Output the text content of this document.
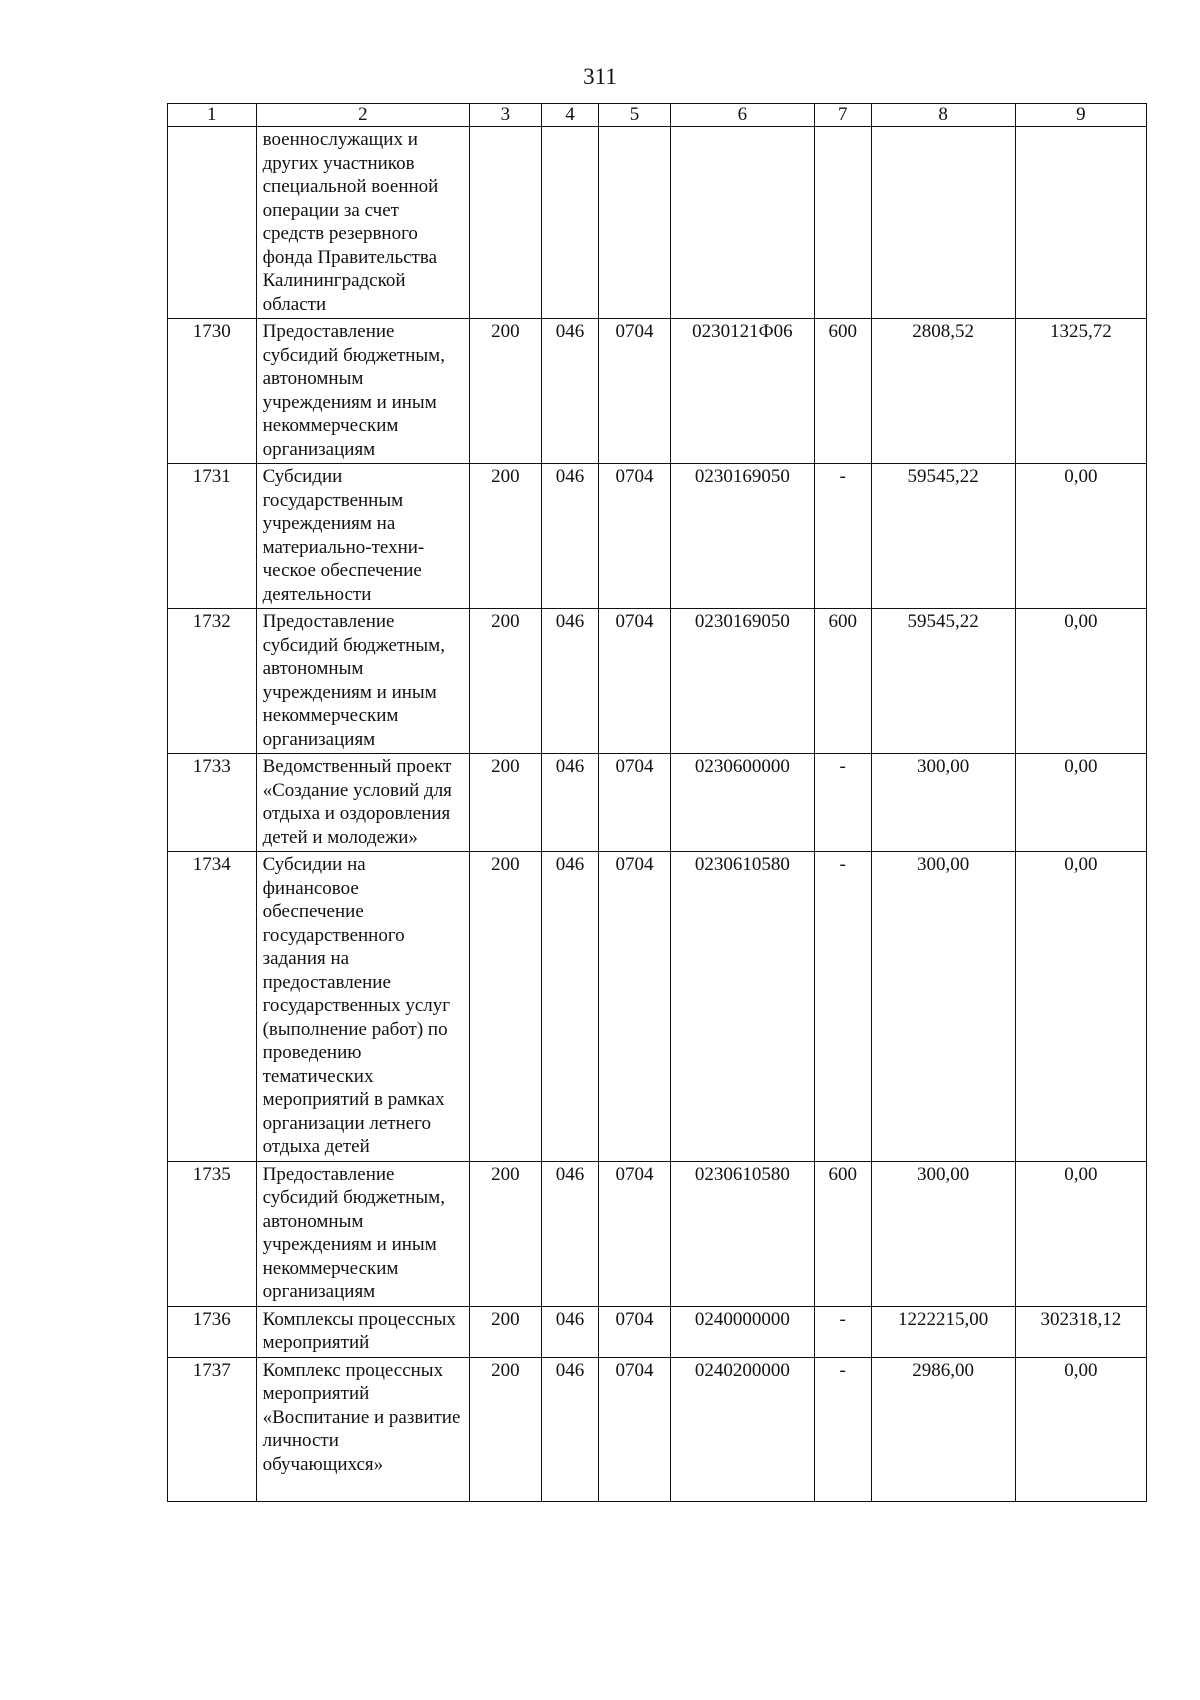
311
1	2	3	4	5	6	7	8	9
	военнослужащих и других участников специальной военной операции за счет средств резервного фонда Правительства Калининградской области							
1730	Предоставление субсидий бюджетным, автономным учреждениям и иным некоммерческим организациям	200	046	0704	0230121Ф06	600	2808,52	1325,72
1731	Субсидии государственным учреждениям на материально-техни-ческое обеспечение деятельности	200	046	0704	0230169050	-	59545,22	0,00
1732	Предоставление субсидий бюджетным, автономным учреждениям и иным некоммерческим организациям	200	046	0704	0230169050	600	59545,22	0,00
1733	Ведомственный проект «Создание условий для отдыха и оздоровления детей и молодежи»	200	046	0704	0230600000	-	300,00	0,00
1734	Субсидии на финансовое обеспечение государственного задания на предоставление государственных услуг (выполнение работ) по проведению тематических мероприятий в рамках организации летнего отдыха детей	200	046	0704	0230610580	-	300,00	0,00
1735	Предоставление субсидий бюджетным, автономным учреждениям и иным некоммерческим организациям	200	046	0704	0230610580	600	300,00	0,00
1736	Комплексы процессных мероприятий	200	046	0704	0240000000	-	1222215,00	302318,12
1737	Комплекс процессных мероприятий «Воспитание и развитие личности обучающихся»	200	046	0704	0240200000	-	2986,00	0,00
